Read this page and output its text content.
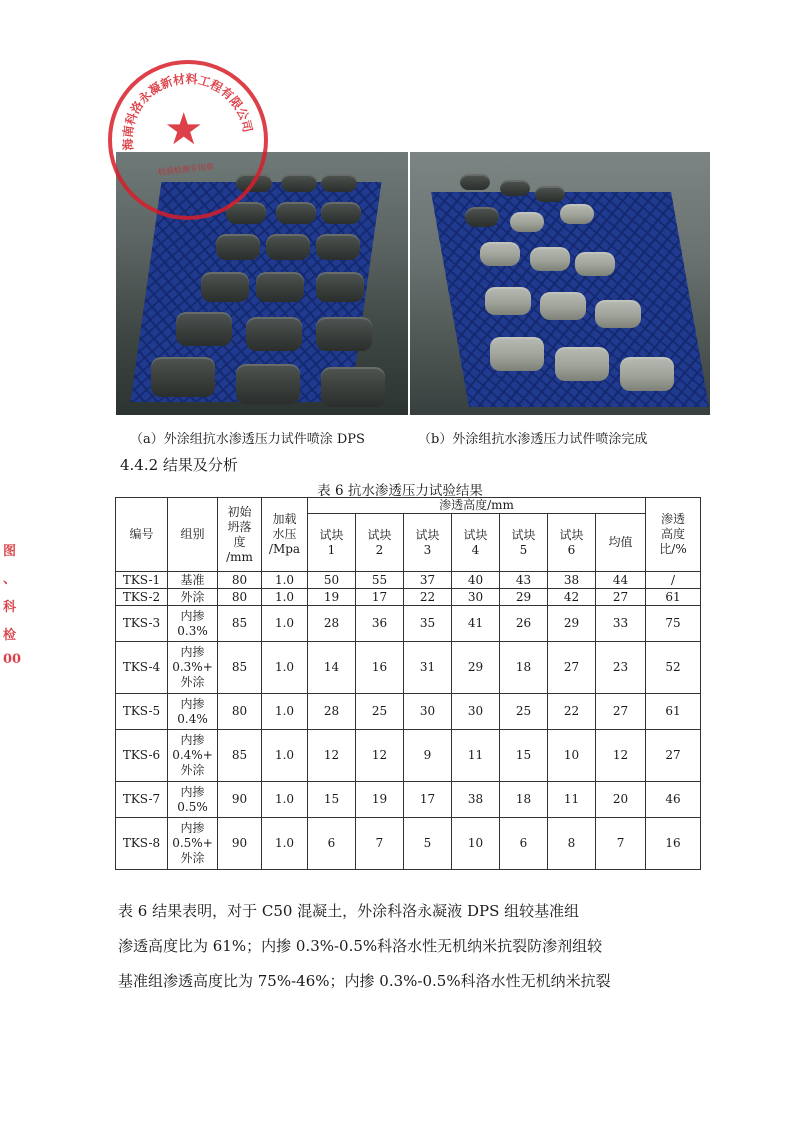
海南科洛永凝新材料工程有限公司
★
检验检测专用章
（a）外涂组抗水渗透压力试件喷涂 DPS	（b）外涂组抗水渗透压力试件喷涂完成
4.4.2 结果及分析
表 6 抗水渗透压力试验结果
编号	组别	初始
坍落
度
/mm	加载
水压
/Mpa	渗透高度/mm							渗透
高度
比/%
				试块
1	试块
2	试块
3	试块
4	试块
5	试块
6	均值	
TKS-1	基准	80	1.0	50	55	37	40	43	38	44	/
TKS-2	外涂	80	1.0	19	17	22	30	29	42	27	61
TKS-3	内掺
0.3%	85	1.0	28	36	35	41	26	29	33	75
TKS-4	内掺
0.3%+
外涂	85	1.0	14	16	31	29	18	27	23	52
TKS-5	内掺
0.4%	80	1.0	28	25	30	30	25	22	27	61
TKS-6	内掺
0.4%+
外涂	85	1.0	12	12	9	11	15	10	12	27
TKS-7	内掺
0.5%	90	1.0	15	19	17	38	18	11	20	46
TKS-8	内掺
0.5%+
外涂	90	1.0	6	7	5	10	6	8	7	16
表 6 结果表明，对于 C50 混凝土，外涂科洛永凝液 DPS 组较基准组
渗透高度比为 61%；内掺 0.3%-0.5%科洛水性无机纳米抗裂防渗剂组较
基准组渗透高度比为 75%-46%；内掺 0.3%-0.5%科洛水性无机纳米抗裂
图
、
科
检
00
